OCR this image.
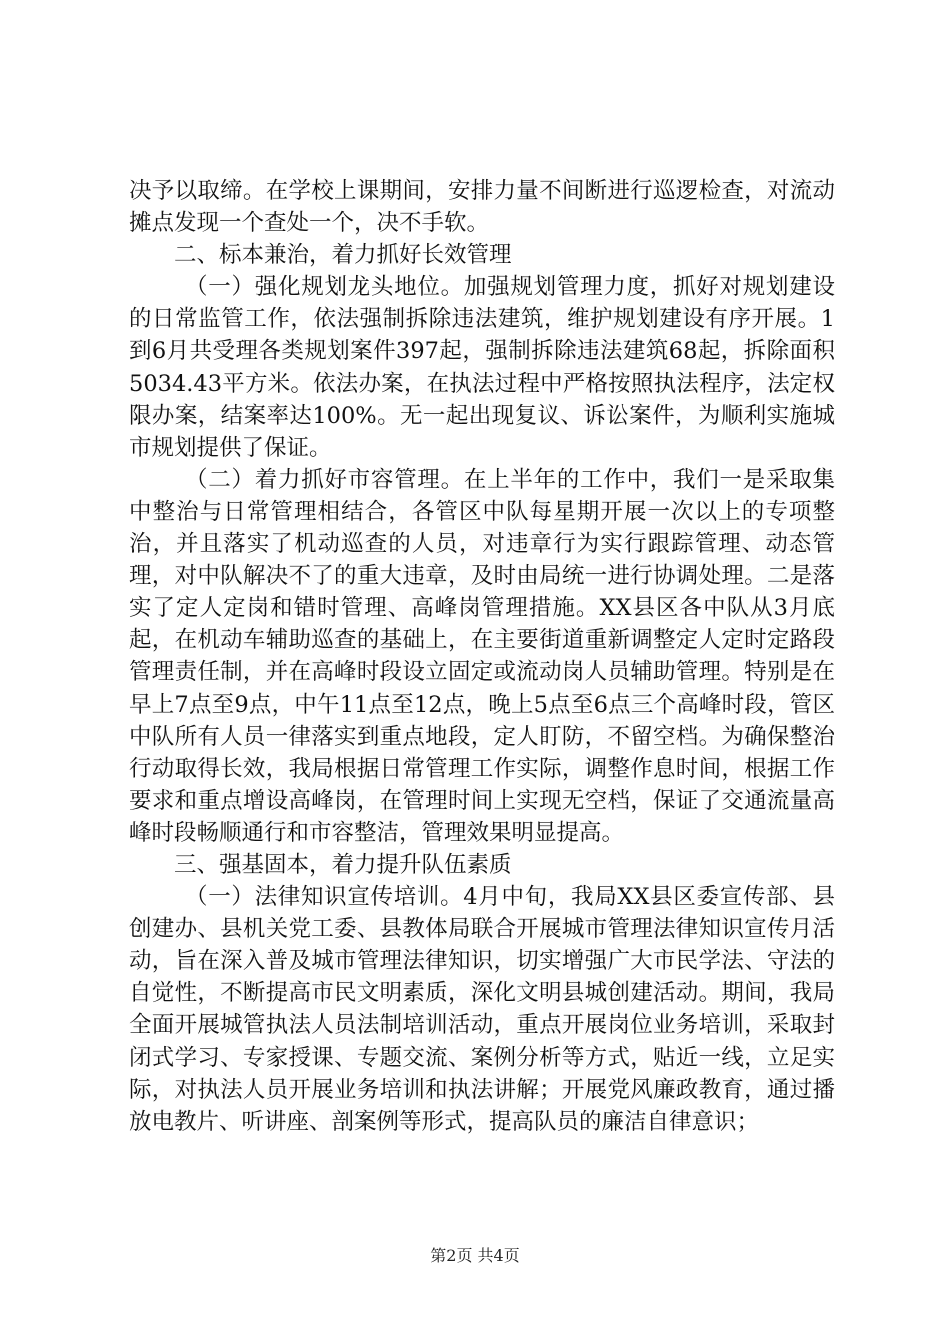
决予以取缔。在学校上课期间，安排力量不间断进行巡逻检查，对流动摊点发现一个查处一个，决不手软。

二、标本兼治，着力抓好长效管理

（一）强化规划龙头地位。加强规划管理力度，抓好对规划建设的日常监管工作，依法强制拆除违法建筑，维护规划建设有序开展。1到6月共受理各类规划案件397起，强制拆除违法建筑68起，拆除面积5034.43平方米。依法办案，在执法过程中严格按照执法程序，法定权限办案，结案率达100%。无一起出现复议、诉讼案件，为顺利实施城市规划提供了保证。

（二）着力抓好市容管理。在上半年的工作中，我们一是采取集中整治与日常管理相结合，各管区中队每星期开展一次以上的专项整治，并且落实了机动巡查的人员，对违章行为实行跟踪管理、动态管理，对中队解决不了的重大违章，及时由局统一进行协调处理。二是落实了定人定岗和错时管理、高峰岗管理措施。XX县区各中队从3月底起，在机动车辅助巡查的基础上，在主要街道重新调整定人定时定路段管理责任制，并在高峰时段设立固定或流动岗人员辅助管理。特别是在早上7点至9点，中午11点至12点，晚上5点至6点三个高峰时段，管区中队所有人员一律落实到重点地段，定人盯防，不留空档。为确保整治行动取得长效，我局根据日常管理工作实际，调整作息时间，根据工作要求和重点增设高峰岗，在管理时间上实现无空档，保证了交通流量高峰时段畅顺通行和市容整洁，管理效果明显提高。

三、强基固本，着力提升队伍素质

（一）法律知识宣传培训。4月中旬，我局XX县区委宣传部、县创建办、县机关党工委、县教体局联合开展城市管理法律知识宣传月活动，旨在深入普及城市管理法律知识，切实增强广大市民学法、守法的自觉性，不断提高市民文明素质，深化文明县城创建活动。期间，我局全面开展城管执法人员法制培训活动，重点开展岗位业务培训，采取封闭式学习、专家授课、专题交流、案例分析等方式，贴近一线，立足实际，对执法人员开展业务培训和执法讲解；开展党风廉政教育，通过播放电教片、听讲座、剖案例等形式，提高队员的廉洁自律意识；

第2页 共4页
